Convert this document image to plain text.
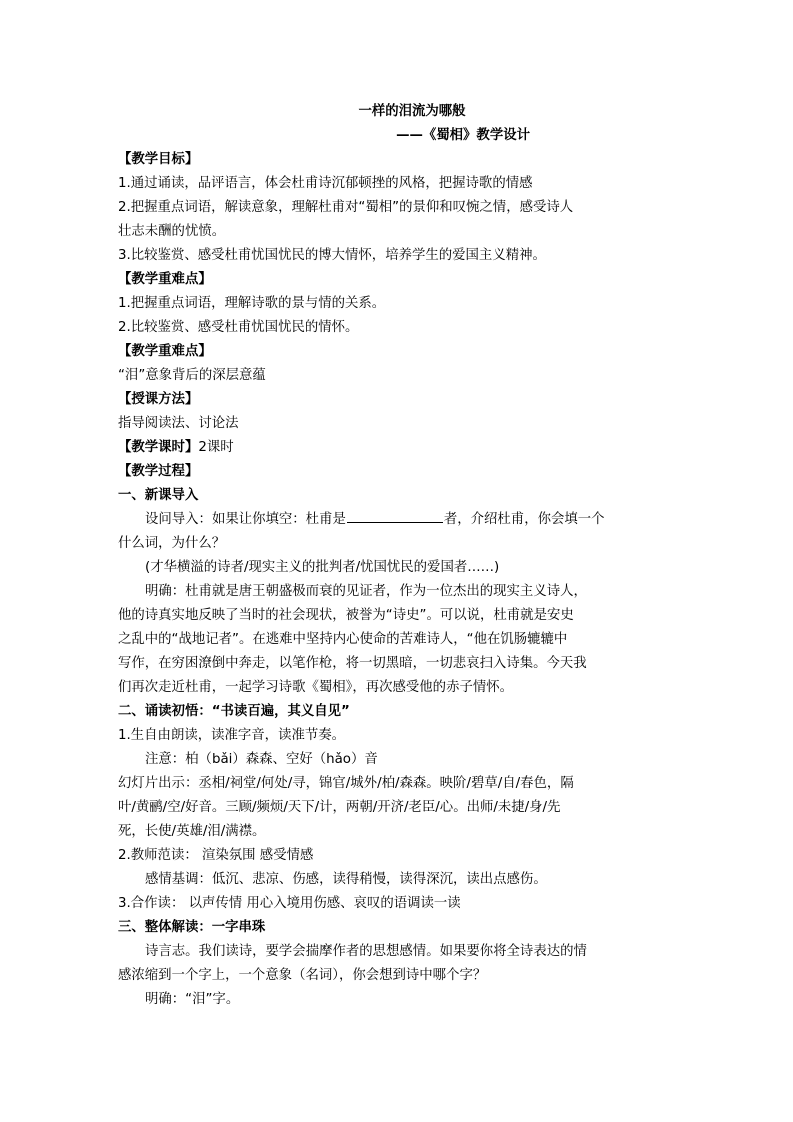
一样的泪流为哪般
——《蜀相》教学设计
【教学目标】
1.通过诵读，品评语言，体会杜甫诗沉郁顿挫的风格，把握诗歌的情感
2.把握重点词语，解读意象，理解杜甫对“蜀相”的景仰和叹惋之情，感受诗人
壮志未酬的忧愤。
3.比较鉴赏、感受杜甫忧国忧民的博大情怀，培养学生的爱国主义精神。
【教学重难点】
1.把握重点词语，理解诗歌的景与情的关系。
2.比较鉴赏、感受杜甫忧国忧民的情怀。
【教学重难点】
“泪”意象背后的深层意蕴
【授课方法】
指导阅读法、讨论法
【教学课时】2课时
【教学过程】
一、新课导入
设问导入：如果让你填空：杜甫是	者，介绍杜甫，你会填一个
什么词，为什么？
(才华横溢的诗者/现实主义的批判者/忧国忧民的爱国者……)
明确：杜甫就是唐王朝盛极而衰的见证者，作为一位杰出的现实主义诗人，
他的诗真实地反映了当时的社会现状，被誉为“诗史”。可以说，杜甫就是安史
之乱中的“战地记者”。在逃难中坚持内心使命的苦难诗人，“他在饥肠辘辘中
写作，在穷困潦倒中奔走，以笔作枪，将一切黑暗，一切悲哀扫入诗集。今天我
们再次走近杜甫，一起学习诗歌《蜀相》，再次感受他的赤子情怀。
二、诵读初悟：“书读百遍，其义自见”
1.生自由朗读，读准字音，读准节奏。
注意：柏（bǎi）森森、空好（hǎo）音
幻灯片出示：丞相/祠堂/何处/寻，锦官/城外/柏/森森。映阶/碧草/自/春色，隔
叶/黄鹂/空/好音。三顾/频烦/天下/计，两朝/开济/老臣/心。出师/未捷/身/先
死，长使/英雄/泪/满襟。
2.教师范读： 渲染氛围 感受情感
感情基调：低沉、悲凉、伤感，读得稍慢，读得深沉，读出点感伤。
3.合作读： 以声传情 用心入境用伤感、哀叹的语调读一读
三、整体解读：一字串珠
诗言志。我们读诗，要学会揣摩作者的思想感情。如果要你将全诗表达的情
感浓缩到一个字上，一个意象（名词），你会想到诗中哪个字？
明确：“泪”字。
